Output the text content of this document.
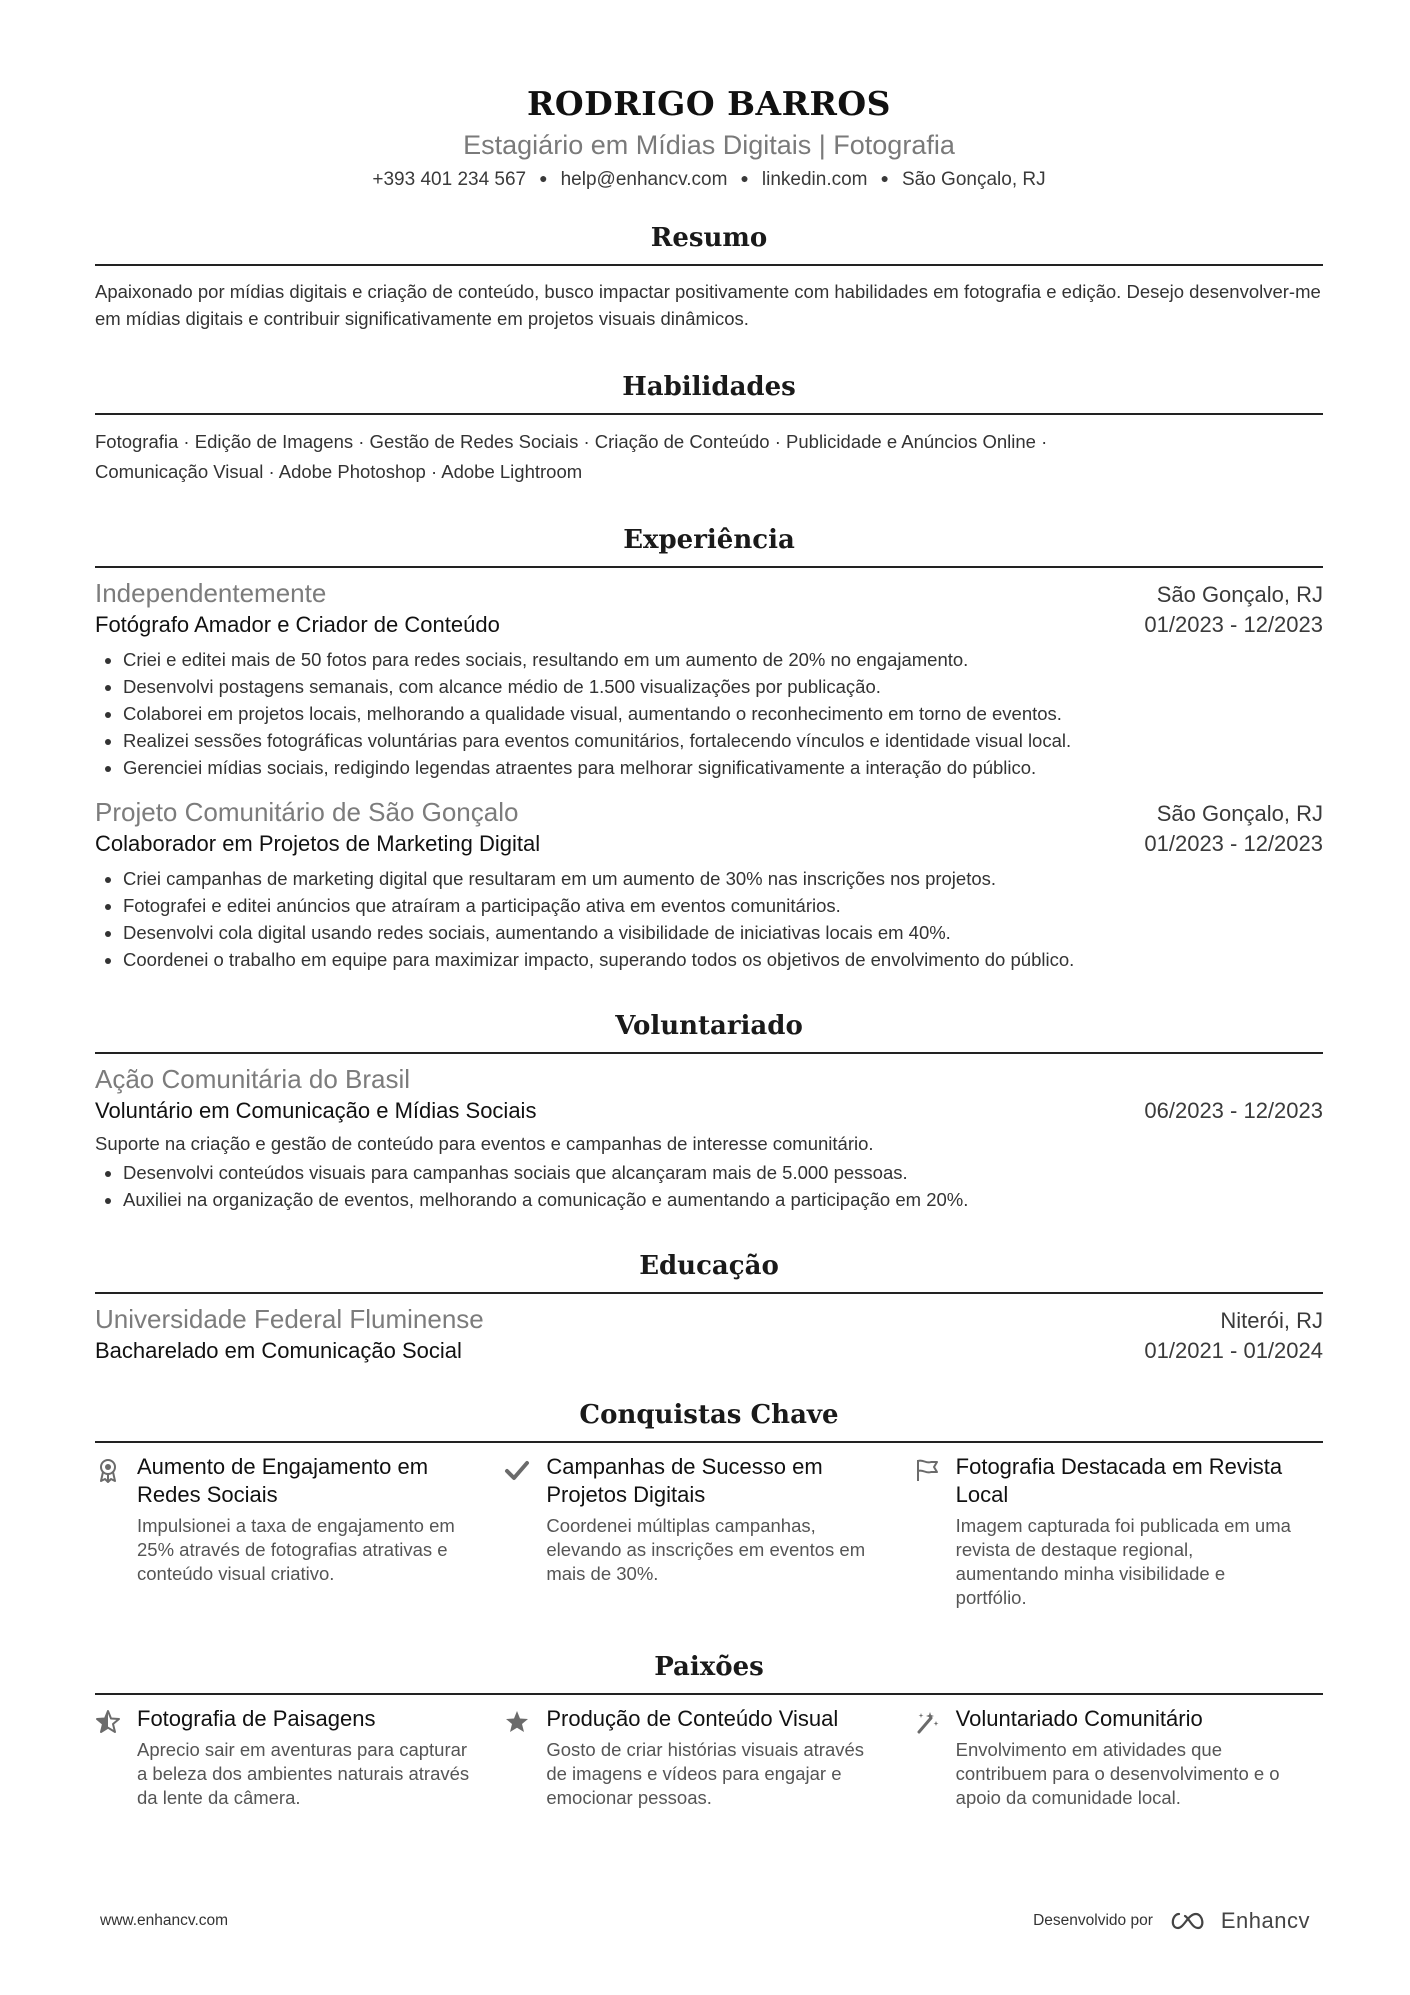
RODRIGO BARROS
Estagiário em Mídias Digitais | Fotografia
+393 401 234 567 ● help@enhancv.com ● linkedin.com ● São Gonçalo, RJ
Resumo
Apaixonado por mídias digitais e criação de conteúdo, busco impactar positivamente com habilidades em fotografia e edição. Desejo desenvolver-me em mídias digitais e contribuir significativamente em projetos visuais dinâmicos.
Habilidades
Fotografia · Edição de Imagens · Gestão de Redes Sociais · Criação de Conteúdo · Publicidade e Anúncios Online ·
Comunicação Visual · Adobe Photoshop · Adobe Lightroom
Experiência
Independentemente	São Gonçalo, RJ
Fotógrafo Amador e Criador de Conteúdo	01/2023 - 12/2023
• Criei e editei mais de 50 fotos para redes sociais, resultando em um aumento de 20% no engajamento.
• Desenvolvi postagens semanais, com alcance médio de 1.500 visualizações por publicação.
• Colaborei em projetos locais, melhorando a qualidade visual, aumentando o reconhecimento em torno de eventos.
• Realizei sessões fotográficas voluntárias para eventos comunitários, fortalecendo vínculos e identidade visual local.
• Gerenciei mídias sociais, redigindo legendas atraentes para melhorar significativamente a interação do público.
Projeto Comunitário de São Gonçalo	São Gonçalo, RJ
Colaborador em Projetos de Marketing Digital	01/2023 - 12/2023
• Criei campanhas de marketing digital que resultaram em um aumento de 30% nas inscrições nos projetos.
• Fotografei e editei anúncios que atraíram a participação ativa em eventos comunitários.
• Desenvolvi cola digital usando redes sociais, aumentando a visibilidade de iniciativas locais em 40%.
• Coordenei o trabalho em equipe para maximizar impacto, superando todos os objetivos de envolvimento do público.
Voluntariado
Ação Comunitária do Brasil
Voluntário em Comunicação e Mídias Sociais	06/2023 - 12/2023
Suporte na criação e gestão de conteúdo para eventos e campanhas de interesse comunitário.
• Desenvolvi conteúdos visuais para campanhas sociais que alcançaram mais de 5.000 pessoas.
• Auxiliei na organização de eventos, melhorando a comunicação e aumentando a participação em 20%.
Educação
Universidade Federal Fluminense	Niterói, RJ
Bacharelado em Comunicação Social	01/2021 - 01/2024
Conquistas Chave
Aumento de Engajamento em Redes Sociais
Impulsionei a taxa de engajamento em 25% através de fotografias atrativas e conteúdo visual criativo.
Campanhas de Sucesso em Projetos Digitais
Coordenei múltiplas campanhas, elevando as inscrições em eventos em mais de 30%.
Fotografia Destacada em Revista Local
Imagem capturada foi publicada em uma revista de destaque regional, aumentando minha visibilidade e portfólio.
Paixões
Fotografia de Paisagens
Aprecio sair em aventuras para capturar a beleza dos ambientes naturais através da lente da câmera.
Produção de Conteúdo Visual
Gosto de criar histórias visuais através de imagens e vídeos para engajar e emocionar pessoas.
Voluntariado Comunitário
Envolvimento em atividades que contribuem para o desenvolvimento e o apoio da comunidade local.
www.enhancv.com	Desenvolvido por	Enhancv
